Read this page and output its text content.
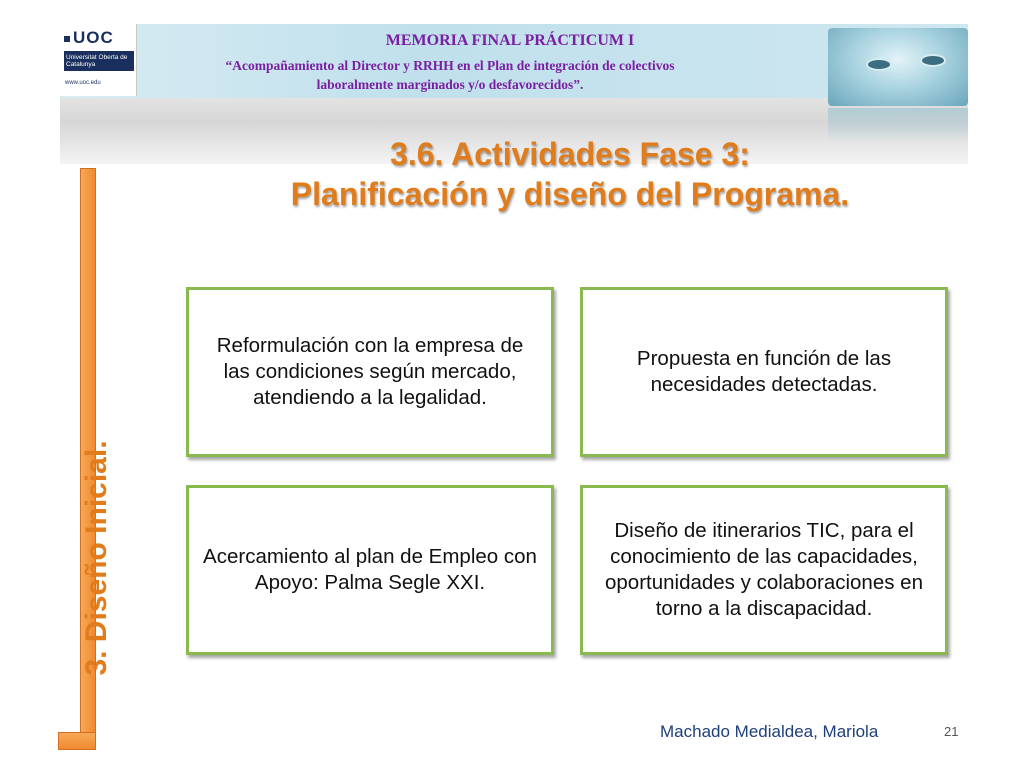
UOC
Universitat Oberta de Catalunya
www.uoc.edu
MEMORIA FINAL PRÁCTICUM I
“Acompañamiento al Director y RRHH en el Plan de integración de colectivos
laboralmente marginados y/o desfavorecidos”.
3.6. Actividades Fase 3:
Planificación y diseño del Programa.
3. Diseño Inicial.
Reformulación con la empresa de las condiciones según mercado, atendiendo a la legalidad.
Propuesta en función de las necesidades detectadas.
Acercamiento al plan de Empleo con Apoyo: Palma Segle XXI.
Diseño de itinerarios TIC, para el conocimiento de las capacidades, oportunidades y colaboraciones en torno a la discapacidad.
Machado Medialdea, Mariola	21
